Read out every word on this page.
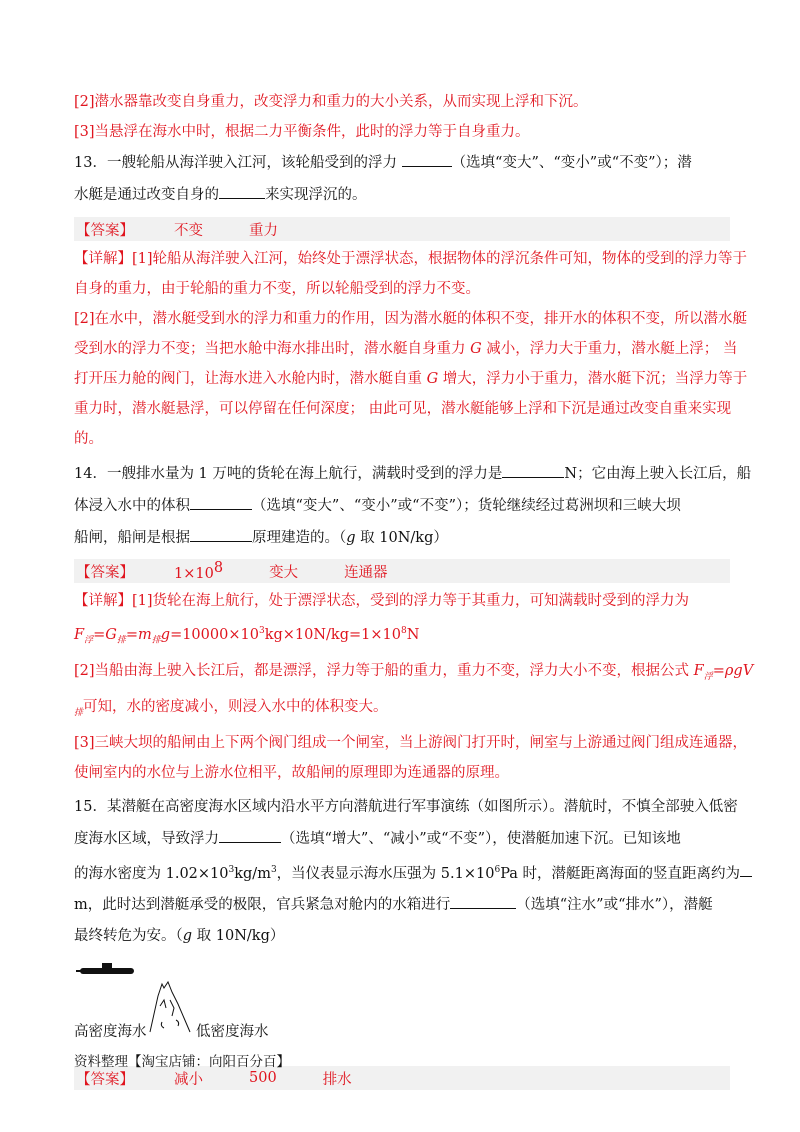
[2]潜水器靠改变自身重力，改变浮力和重力的大小关系，从而实现上浮和下沉。

[3]当悬浮在海水中时，根据二力平衡条件，此时的浮力等于自身重力。

13．一艘轮船从海洋驶入江河，该轮船受到的浮力	（选填“变大”、“变小”或“不变”）；潜

水艇是通过改变自身的	来实现浮沉的。

【答案】	不变	重力

【详解】[1]轮船从海洋驶入江河，始终处于漂浮状态，根据物体的浮沉条件可知，物体的受到的浮力等于

自身的重力，由于轮船的重力不变，所以轮船受到的浮力不变。

[2]在水中，潜水艇受到水的浮力和重力的作用，因为潜水艇的体积不变，排开水的体积不变，所以潜水艇

受到水的浮力不变；当把水舱中海水排出时，潜水艇自身重力 G 减小，浮力大于重力，潜水艇上浮； 当

打开压力舱的阀门，让海水进入水舱内时，潜水艇自重 G 增大，浮力小于重力，潜水艇下沉；当浮力等于

重力时，潜水艇悬浮，可以停留在任何深度； 由此可见，潜水艇能够上浮和下沉是通过改变自重来实现

的。

14．一艘排水量为 1 万吨的货轮在海上航行，满载时受到的浮力是	N；它由海上驶入长江后，船

体浸入水中的体积	（选填“变大”、“变小”或“不变”）；货轮继续经过葛洲坝和三峡大坝

船闸，船闸是根据	原理建造的。（g 取 10N/kg）

【答案】	1×108	变大	连通器

【详解】[1]货轮在海上航行，处于漂浮状态，受到的浮力等于其重力，可知满载时受到的浮力为

$F_浮=G_排=m_排g=10000\times 10^3kg\times 10N/kg=1\times 10^8N$

[2]当船由海上驶入长江后，都是漂浮，浮力等于船的重力，重力不变，浮力大小不变，根据公式 $F_浮=\rho gV$

$_排$可知，水的密度减小，则浸入水中的体积变大。

[3]三峡大坝的船闸由上下两个阀门组成一个闸室，当上游阀门打开时，闸室与上游通过阀门组成连通器，

使闸室内的水位与上游水位相平，故船闸的原理即为连通器的原理。

15．某潜艇在高密度海水区域内沿水平方向潜航进行军事演练（如图所示）。潜航时，不慎全部驶入低密

度海水区域，导致浮力	（选填“增大”、“减小”或“不变”），使潜艇加速下沉。已知该地

的海水密度为 $1.02\times 10^3kg/m^3$，当仪表显示海水压强为 $5.1\times 10^6Pa$ 时，潜艇距离海面的竖直距离约为

m，此时达到潜艇承受的极限，官兵紧急对舱内的水箱进行	（选填“注水”或“排水”），潜艇

最终转危为安。（g 取 10N/kg）

高密度海水	低密度海水
【答案】	减小	500	排水
资料整理【淘宝店铺：向阳百分百】
